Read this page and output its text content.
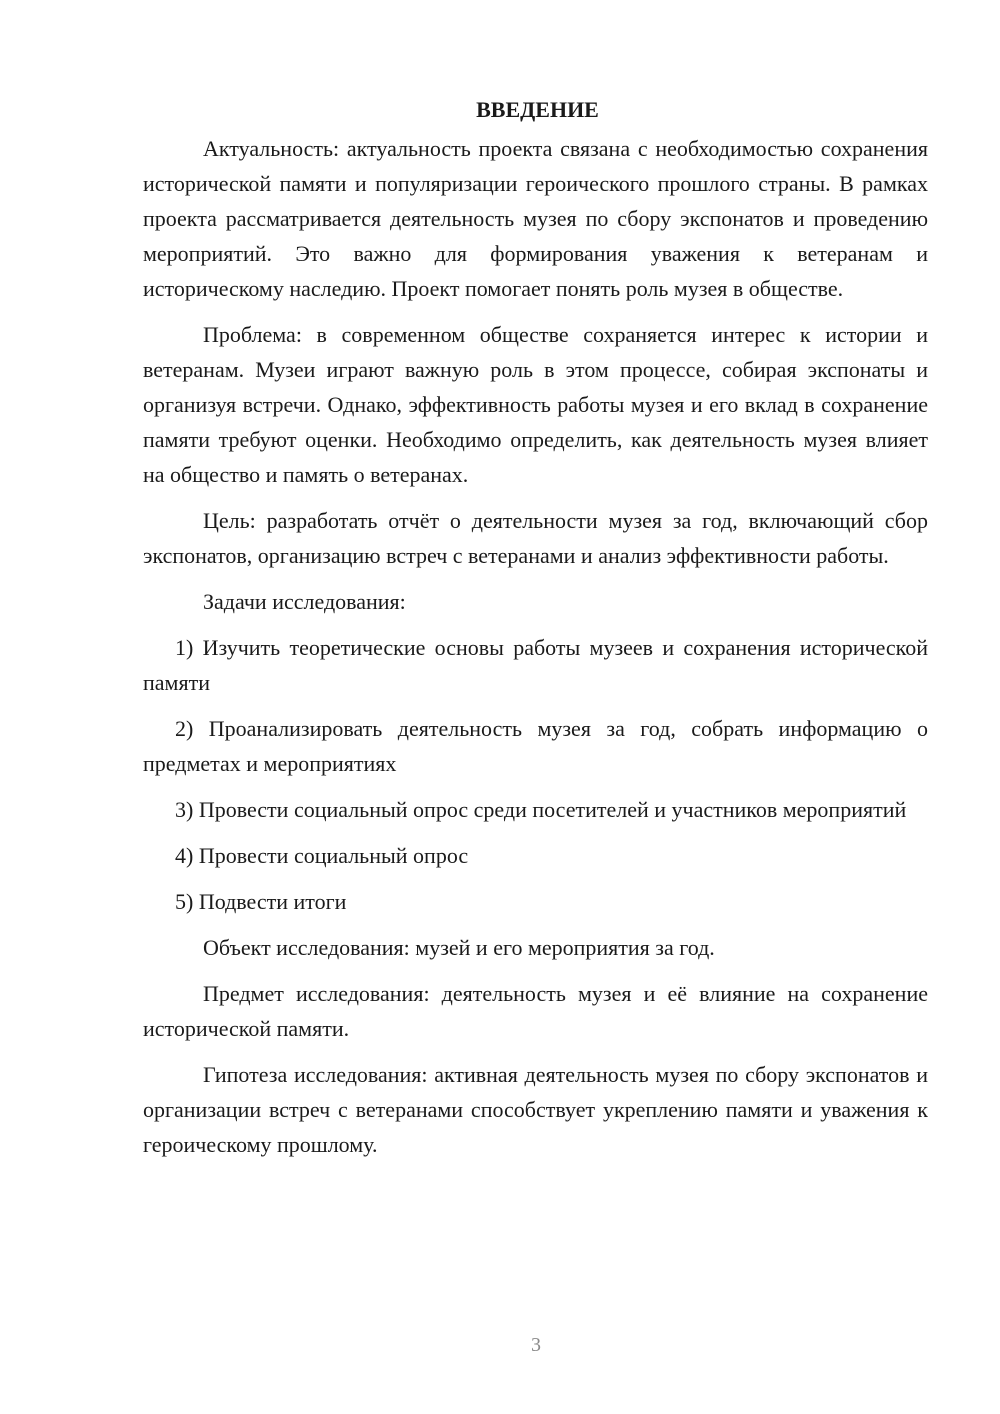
ВВЕДЕНИЕ

Актуальность: актуальность проекта связана с необходимостью сохранения исторической памяти и популяризации героического прошлого страны. В рамках проекта рассматривается деятельность музея по сбору экспонатов и проведению мероприятий. Это важно для формирования уважения к ветеранам и историческому наследию. Проект помогает понять роль музея в обществе.

Проблема: в современном обществе сохраняется интерес к истории и ветеранам. Музеи играют важную роль в этом процессе, собирая экспонаты и организуя встречи. Однако, эффективность работы музея и его вклад в сохранение памяти требуют оценки. Необходимо определить, как деятельность музея влияет на общество и память о ветеранах.

Цель: разработать отчёт о деятельности музея за год, включающий сбор экспонатов, организацию встреч с ветеранами и анализ эффективности работы.

Задачи исследования:

1) Изучить теоретические основы работы музеев и сохранения исторической памяти

2) Проанализировать деятельность музея за год, собрать информацию о предметах и мероприятиях

3) Провести социальный опрос среди посетителей и участников мероприятий

4) Провести социальный опрос

5) Подвести итоги

Объект исследования: музей и его мероприятия за год.

Предмет исследования: деятельность музея и её влияние на сохранение исторической памяти.

Гипотеза исследования: активная деятельность музея по сбору экспонатов и организации встреч с ветеранами способствует укреплению памяти и уважения к героическому прошлому.

3
